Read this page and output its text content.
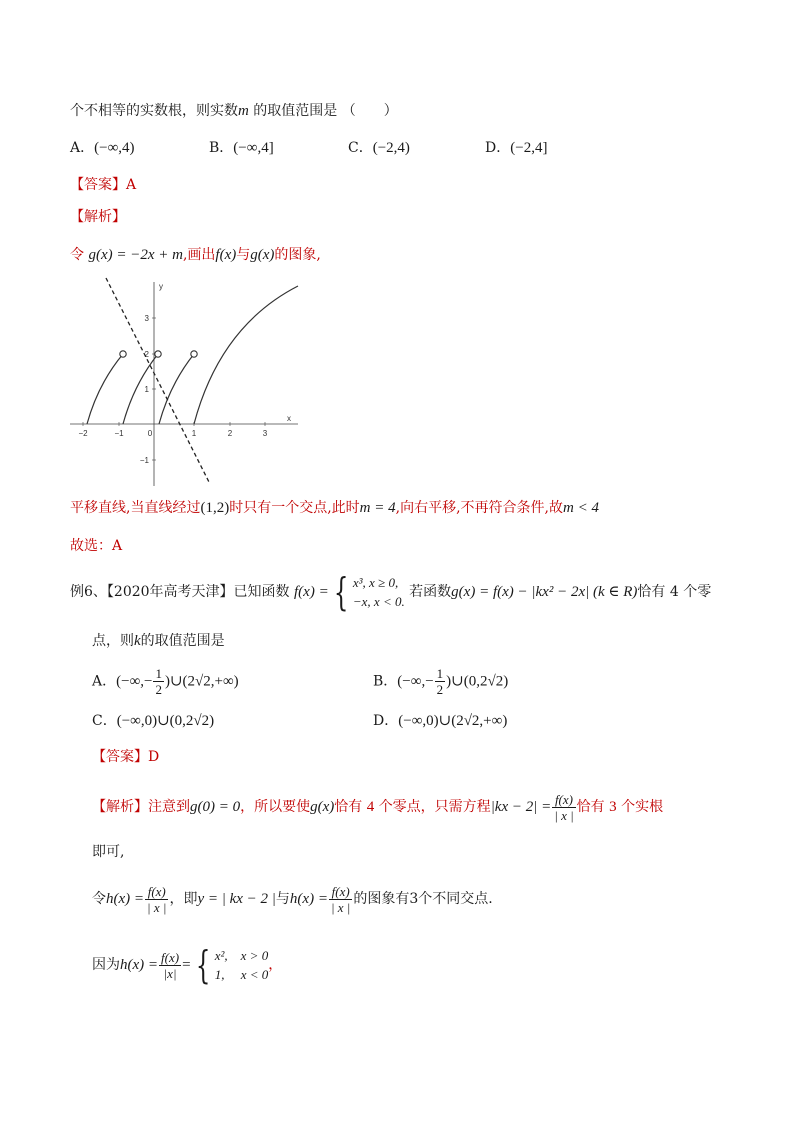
个不相等的实数根，则实数m 的取值范围是 （　　）
A．(−∞,4)	B．(−∞,4]	C．(−2,4)	D．(−2,4]
【答案】A
【解析】
令 g(x) = −2x + m,画出f(x)与g(x)的图象,
−2	−1	0	1	2	3
3
2
1
−1
x
y
平移直线,当直线经过(1,2)时只有一个交点,此时m = 4,向右平移,不再符合条件,故m < 4
故选：A
例6、【2020年高考天津】已知函数 f(x) = { x³, x ≥ 0,
−x, x < 0.
若函数g(x) = f(x) − |kx² − 2x| (k ∈ R)恰有 4 个零
点，则k的取值范围是
A．(−∞,− $\frac{1}{2}$ )∪(2√2,+∞)	B．(−∞,− $\frac{1}{2}$ )∪(0,2√2)
C．(−∞,0)∪(0,2√2)	D．(−∞,0)∪(2√2,+∞)
【答案】D
【解析】注意到g(0) = 0，所以要使g(x)恰有 4 个零点，只需方程$|kx - 2| = \frac{f(x)}{| x |}$ 恰有 3 个实根
即可,
令$h(x) = \frac{f(x)}{| x |}$ ，即y = | kx − 2 |与$h(x) = \frac{f(x)}{| x |}$ 的图象有3个不同交点.
因为$h(x) = \frac{f(x)}{|x|}$ = { x²,　x > 0
1,　 x < 0
，
